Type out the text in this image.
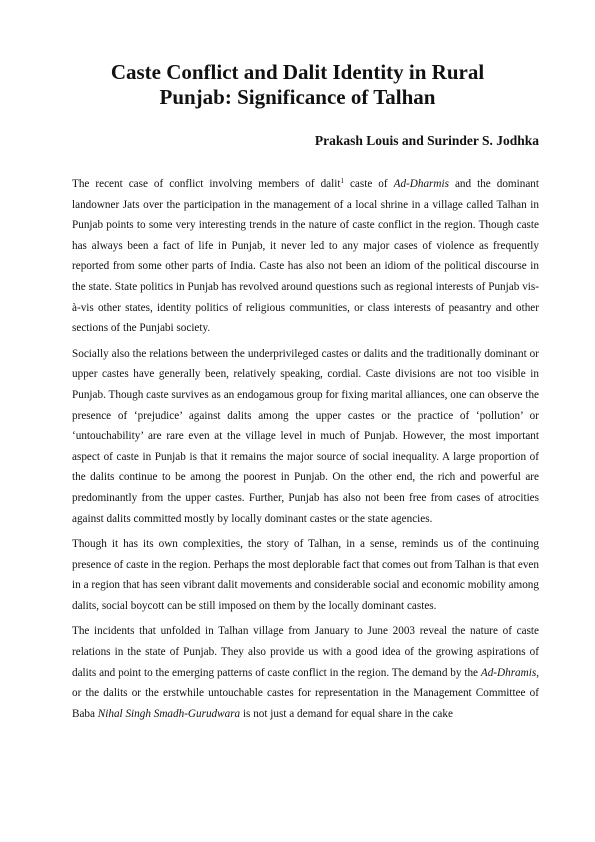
Caste Conflict and Dalit Identity in Rural
Punjab: Significance of Talhan

Prakash Louis and Surinder S. Jodhka

The recent case of conflict involving members of dalit$^1$ caste of Ad-Dharmis and the dominant landowner Jats over the participation in the management of a local shrine in a village called Talhan in Punjab points to some very interesting trends in the nature of caste conflict in the region. Though caste has always been a fact of life in Punjab, it never led to any major cases of violence as frequently reported from some other parts of India. Caste has also not been an idiom of the political discourse in the state. State politics in Punjab has revolved around questions such as regional interests of Punjab vis-à-vis other states, identity politics of religious communities, or class interests of peasantry and other sections of the Punjabi society.

Socially also the relations between the underprivileged castes or dalits and the traditionally dominant or upper castes have generally been, relatively speaking, cordial. Caste divisions are not too visible in Punjab. Though caste survives as an endogamous group for fixing marital alliances, one can observe the presence of ‘prejudice’ against dalits among the upper castes or the practice of ‘pollution’ or ‘untouchability’ are rare even at the village level in much of Punjab. However, the most important aspect of caste in Punjab is that it remains the major source of social inequality. A large proportion of the dalits continue to be among the poorest in Punjab. On the other end, the rich and powerful are predominantly from the upper castes. Further, Punjab has also not been free from cases of atrocities against dalits committed mostly by locally dominant castes or the state agencies.

Though it has its own complexities, the story of Talhan, in a sense, reminds us of the continuing presence of caste in the region. Perhaps the most deplorable fact that comes out from Talhan is that even in a region that has seen vibrant dalit movements and considerable social and economic mobility among dalits, social boycott can be still imposed on them by the locally dominant castes.

The incidents that unfolded in Talhan village from January to June 2003 reveal the nature of caste relations in the state of Punjab. They also provide us with a good idea of the growing aspirations of dalits and point to the emerging patterns of caste conflict in the region. The demand by the Ad-Dhramis, or the dalits or the erstwhile untouchable castes for representation in the Management Committee of Baba Nihal Singh Smadh-Gurudwara is not just a demand for equal share in the cake
